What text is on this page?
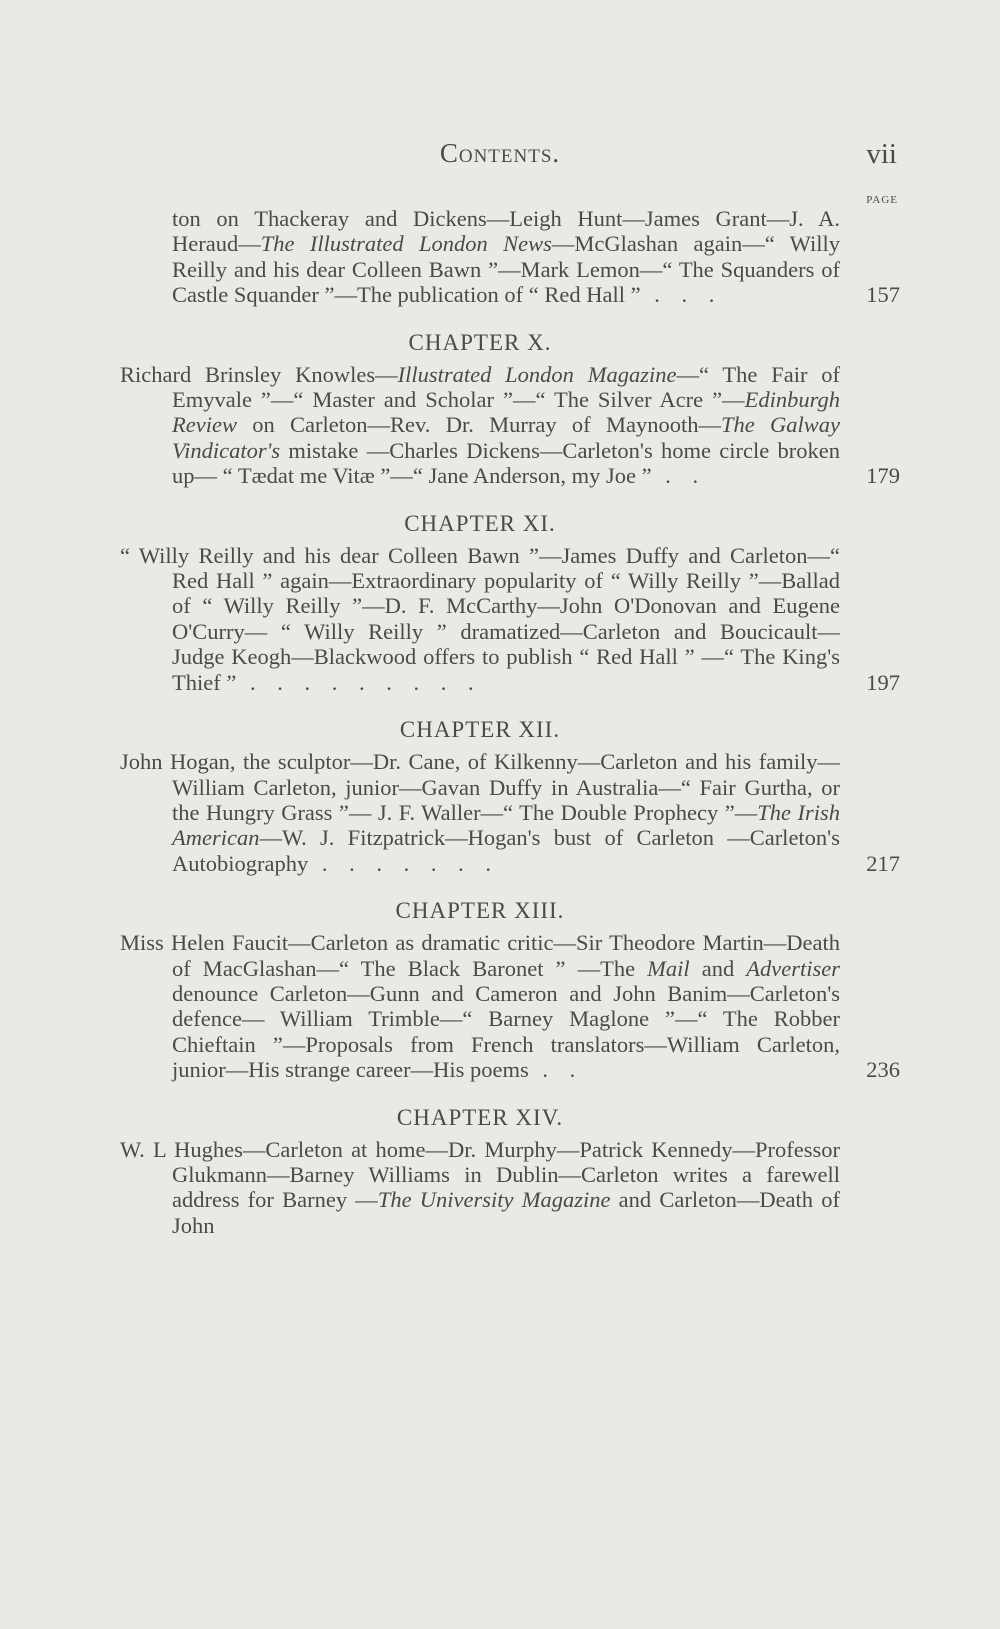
Contents.	vii
PAGE
ton on Thackeray and Dickens—Leigh Hunt—James Grant—J. A. Heraud—The Illustrated London News—McGlashan again—“ Willy Reilly and his dear Colleen Bawn ”—Mark Lemon—“ The Squanders of Castle Squander ”—The publication of “ Red Hall ” . . .	157
CHAPTER X.
Richard Brinsley Knowles—Illustrated London Magazine—“ The Fair of Emyvale ”—“ Master and Scholar ”—“ The Silver Acre ”—Edinburgh Review on Carleton—Rev. Dr. Murray of Maynooth—The Galway Vindicator's mistake —Charles Dickens—Carleton's home circle broken up— “ Tædat me Vitæ ”—“ Jane Anderson, my Joe ” . .	179
CHAPTER XI.
“ Willy Reilly and his dear Colleen Bawn ”—James Duffy and Carleton—“ Red Hall ” again—Extraordinary popularity of “ Willy Reilly ”—Ballad of “ Willy Reilly ”—D. F. McCarthy—John O'Donovan and Eugene O'Curry— “ Willy Reilly ” dramatized—Carleton and Boucicault— Judge Keogh—Blackwood offers to publish “ Red Hall ” —“ The King's Thief ” . . . . . . . . .	197
CHAPTER XII.
John Hogan, the sculptor—Dr. Cane, of Kilkenny—Carleton and his family—William Carleton, junior—Gavan Duffy in Australia—“ Fair Gurtha, or the Hungry Grass ”— J. F. Waller—“ The Double Prophecy ”—The Irish American—W. J. Fitzpatrick—Hogan's bust of Carleton —Carleton's Autobiography . . . . . . .	217
CHAPTER XIII.
Miss Helen Faucit—Carleton as dramatic critic—Sir Theodore Martin—Death of MacGlashan—“ The Black Baronet ” —The Mail and Advertiser denounce Carleton—Gunn and Cameron and John Banim—Carleton's defence— William Trimble—“ Barney Maglone ”—“ The Robber Chieftain ”—Proposals from French translators—William Carleton, junior—His strange career—His poems . .	236
CHAPTER XIV.
W. L Hughes—Carleton at home—Dr. Murphy—Patrick Kennedy—Professor Glukmann—Barney Williams in Dublin—Carleton writes a farewell address for Barney —The University Magazine and Carleton—Death of John
